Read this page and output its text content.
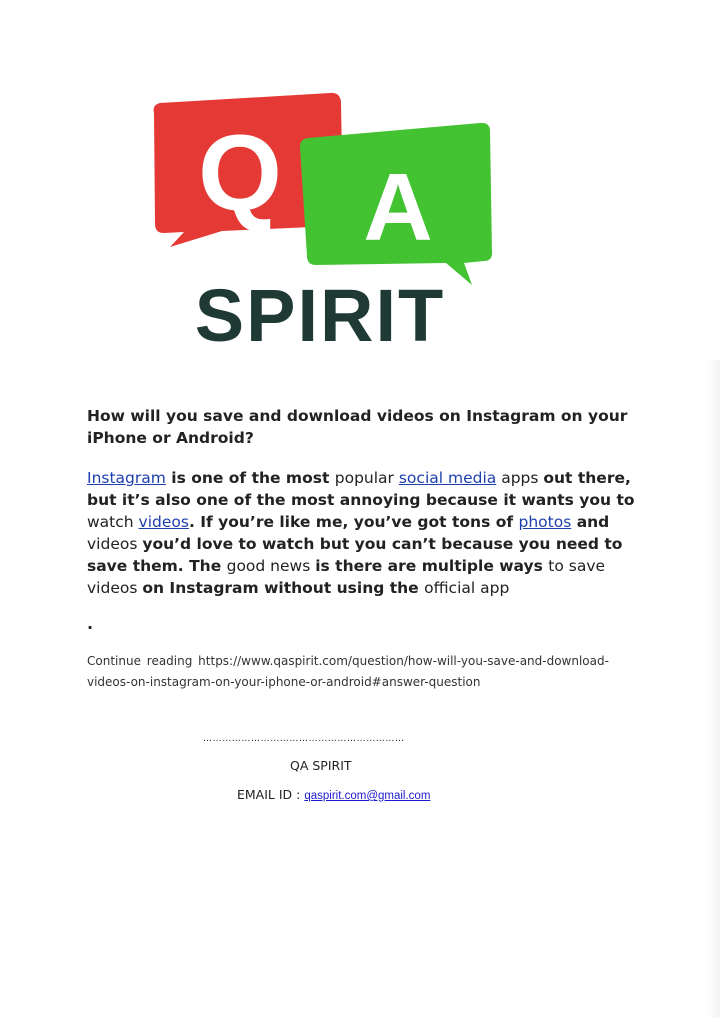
Q A
SPIRIT
How will you save and download videos on Instagram on your iPhone or Android?
Instagram is one of the most popular social media apps out there, but it’s also one of the most annoying because it wants you to watch videos. If you’re like me, you’ve got tons of photos and videos you’d love to watch but you can’t because you need to save them. The good news is there are multiple ways to save videos on Instagram without using the official app
.
Continue reading https://www.qaspirit.com/question/how-will-you-save-and-download-videos-on-instagram-on-your-iphone-or-android#answer-question
………………………………………………………
QA SPIRIT
EMAIL ID : qaspirit.com@gmail.com
